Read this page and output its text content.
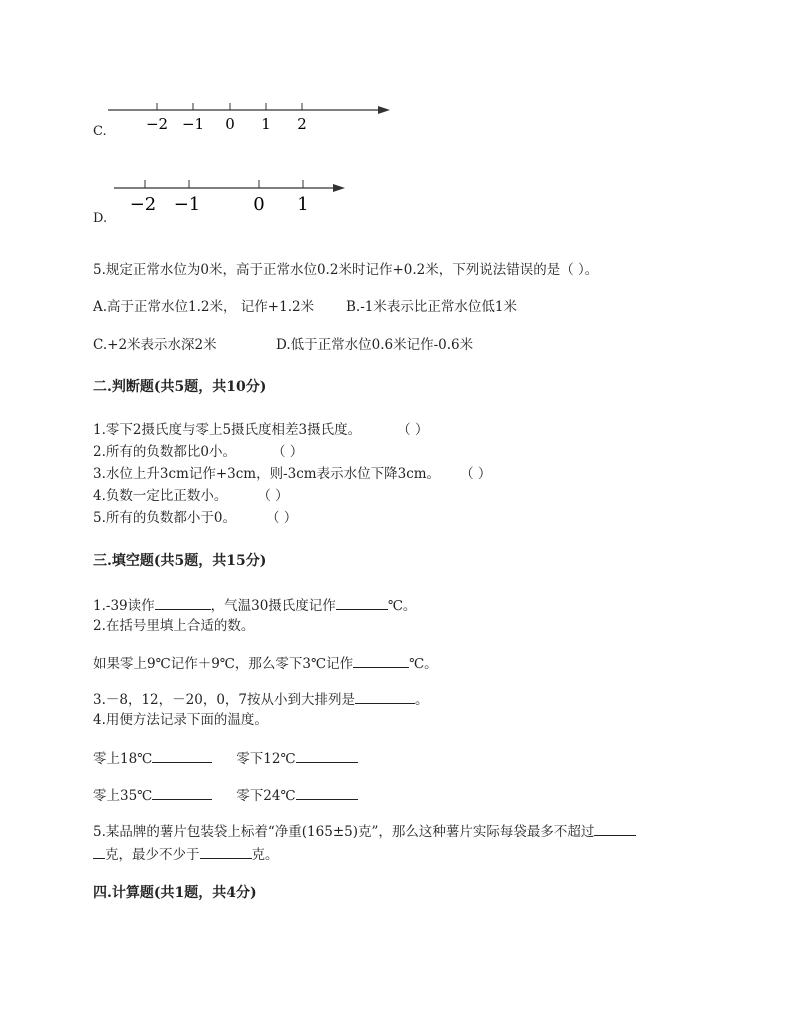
C.	−2 −1 0 1 2
D.
−2 −1	0 1
5.规定正常水位为0米，高于正常水位0.2米时记作+0.2米，下列说法错误的是（ ）。
A.高于正常水位1.2米， 记作+1.2米 B.-1米表示比正常水位低1米
C.+2米表示水深2米	D.低于正常水位0.6米记作-0.6米
二.判断题(共5题，共10分)
1.零下2摄氏度与零上5摄氏度相差3摄氏度。	（ ）
2.所有的负数都比0小。	（ ）
3.水位上升3cm记作+3cm，则-3cm表示水位下降3cm。 （ ）
4.负数一定比正数小。 （ ）
5.所有的负数都小于0。 （ ）
三.填空题(共5题，共15分)
1.-39读作	，气温30摄氏度记作	℃。
2.在括号里填上合适的数。
如果零上9℃记作＋9℃，那么零下3℃记作	℃。
3.－8，12，－20，0，7按从小到大排列是	。
4.用便方法记录下面的温度。
零上18℃	零下12℃
零上35℃	零下24℃
5.某品牌的薯片包装袋上标着“净重(165±5)克”，那么这种薯片实际每袋最多不超过
克，最少不少于	克。
四.计算题(共1题，共4分)
